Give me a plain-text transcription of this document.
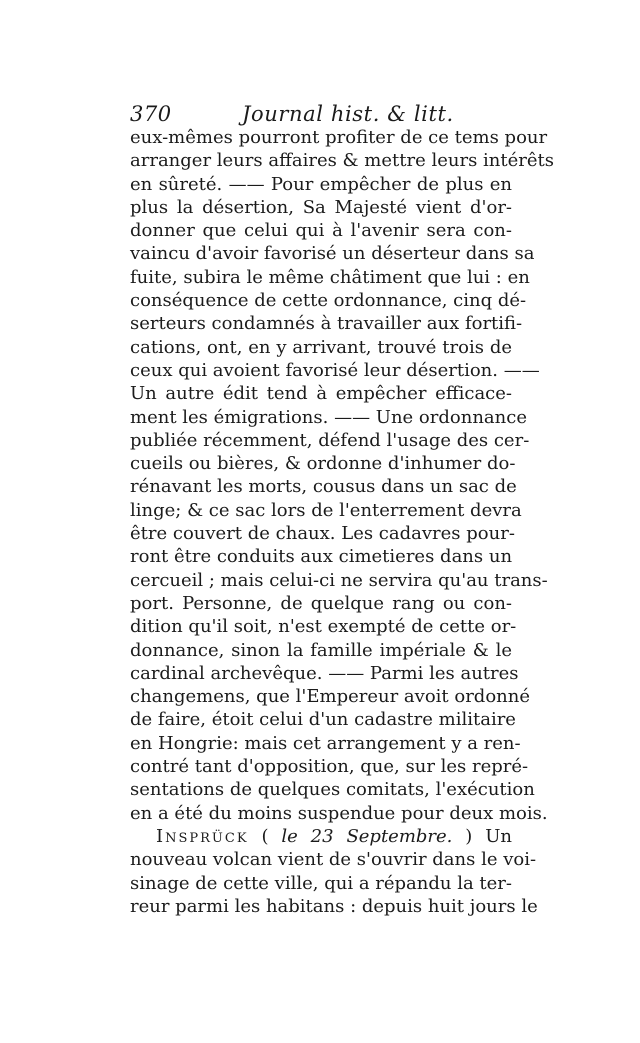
370	Journal hist. & litt.
eux-mêmes pourront profiter de ce tems pour
arranger leurs affaires & mettre leurs intérêts
en sûreté. —— Pour empêcher de plus en
plus la désertion, Sa Majesté vient d'or-
donner que celui qui à l'avenir sera con-
vaincu d'avoir favorisé un déserteur dans sa
fuite, subira le même châtiment que lui : en
conséquence de cette ordonnance, cinq dé-
serteurs condamnés à travailler aux fortifi-
cations, ont, en y arrivant, trouvé trois de
ceux qui avoient favorisé leur désertion. ——
Un autre édit tend à empêcher efficace-
ment les émigrations. —— Une ordonnance
publiée récemment, défend l'usage des cer-
cueils ou bières, & ordonne d'inhumer do-
rénavant les morts, cousus dans un sac de
linge; & ce sac lors de l'enterrement devra
être couvert de chaux. Les cadavres pour-
ront être conduits aux cimetieres dans un
cercueil ; mais celui-ci ne servira qu'au trans-
port. Personne, de quelque rang ou con-
dition qu'il soit, n'est exempté de cette or-
donnance, sinon la famille impériale & le
cardinal archevêque. —— Parmi les autres
changemens, que l'Empereur avoit ordonné
de faire, étoit celui d'un cadastre militaire
en Hongrie: mais cet arrangement y a ren-
contré tant d'opposition, que, sur les repré-
sentations de quelques comitats, l'exécution
en a été du moins suspendue pour deux mois.
Insprück ( le 23 Septembre. ) Un
nouveau volcan vient de s'ouvrir dans le voi-
sinage de cette ville, qui a répandu la ter-
reur parmi les habitans : depuis huit jours le
